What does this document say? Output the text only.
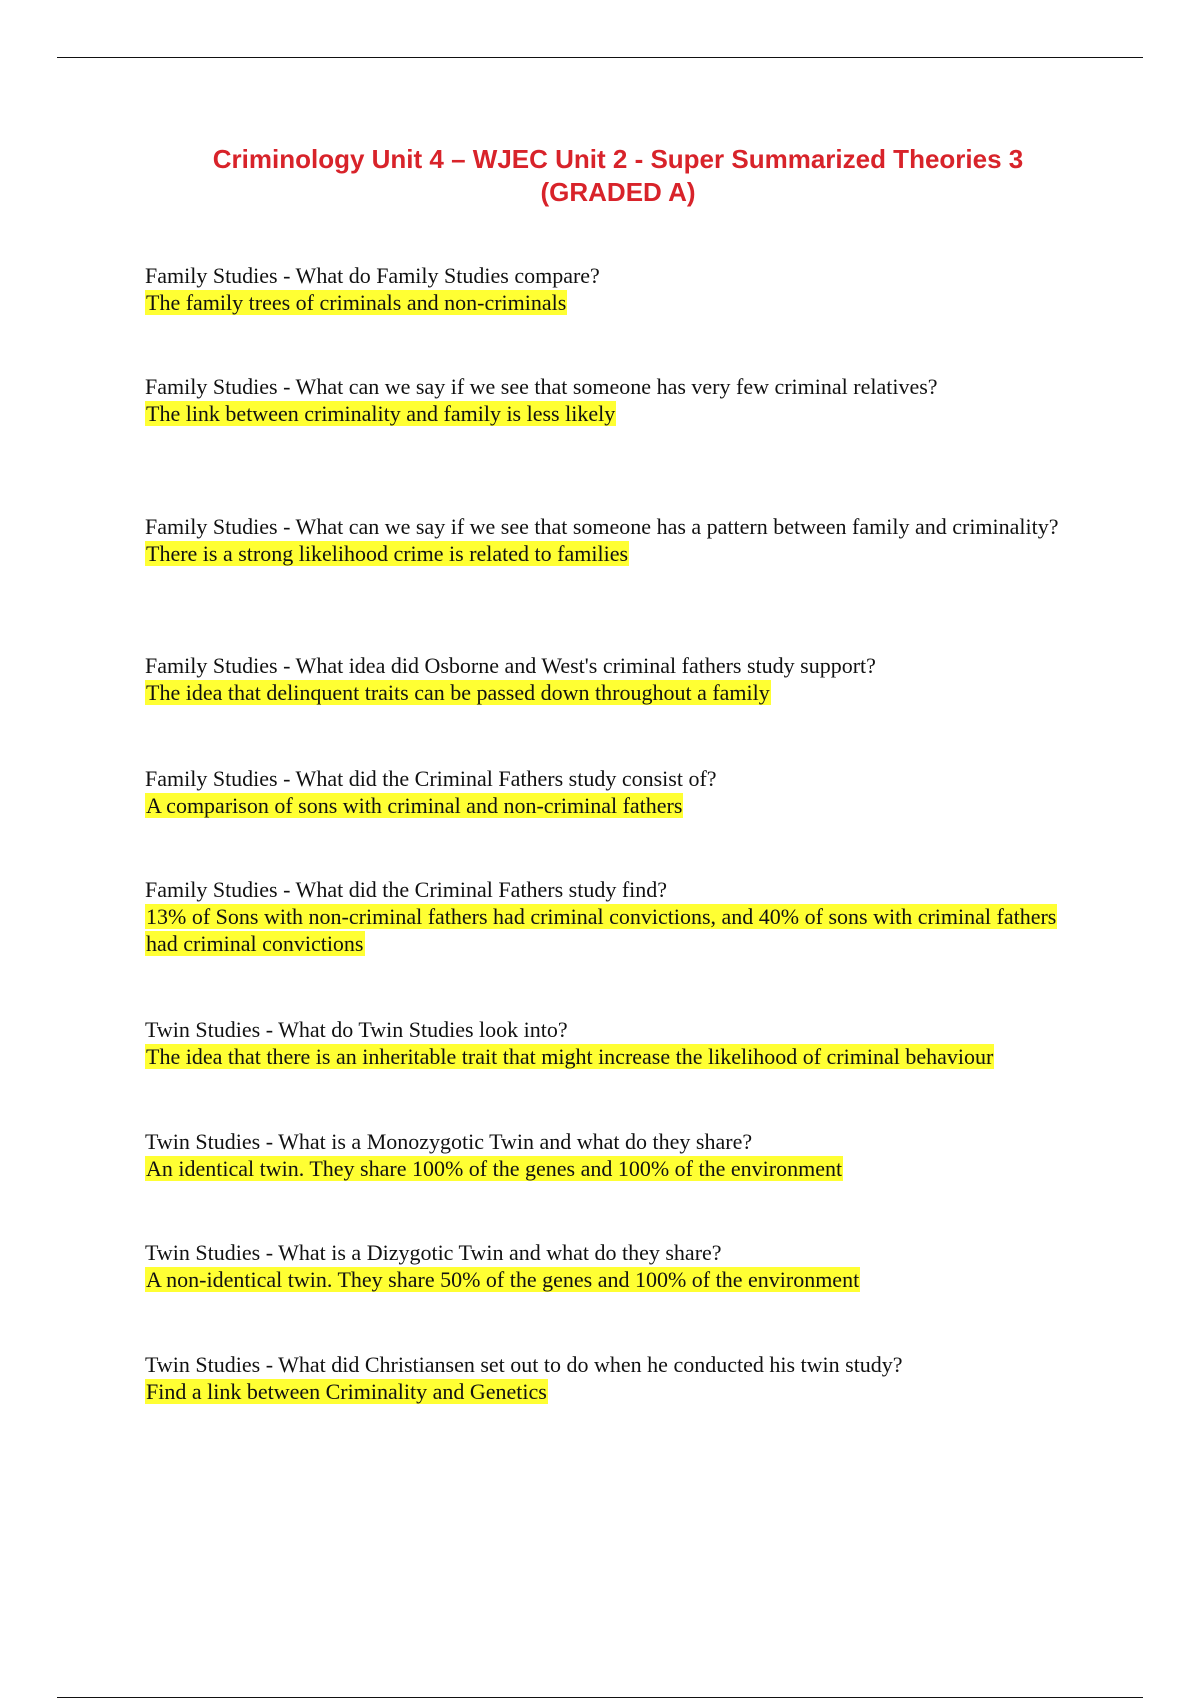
Criminology Unit 4 – WJEC Unit 2 - Super Summarized Theories 3 (GRADED A)
Family Studies - What do Family Studies compare?
The family trees of criminals and non-criminals
Family Studies - What can we say if we see that someone has very few criminal relatives?
The link between criminality and family is less likely
Family Studies - What can we say if we see that someone has a pattern between family and criminality?
There is a strong likelihood crime is related to families
Family Studies - What idea did Osborne and West's criminal fathers study support?
The idea that delinquent traits can be passed down throughout a family
Family Studies - What did the Criminal Fathers study consist of?
A comparison of sons with criminal and non-criminal fathers
Family Studies - What did the Criminal Fathers study find?
13% of Sons with non-criminal fathers had criminal convictions, and 40% of sons with criminal fathers had criminal convictions
Twin Studies - What do Twin Studies look into?
The idea that there is an inheritable trait that might increase the likelihood of criminal behaviour
Twin Studies - What is a Monozygotic Twin and what do they share?
An identical twin. They share 100% of the genes and 100% of the environment
Twin Studies - What is a Dizygotic Twin and what do they share?
A non-identical twin. They share 50% of the genes and 100% of the environment
Twin Studies - What did Christiansen set out to do when he conducted his twin study?
Find a link between Criminality and Genetics
